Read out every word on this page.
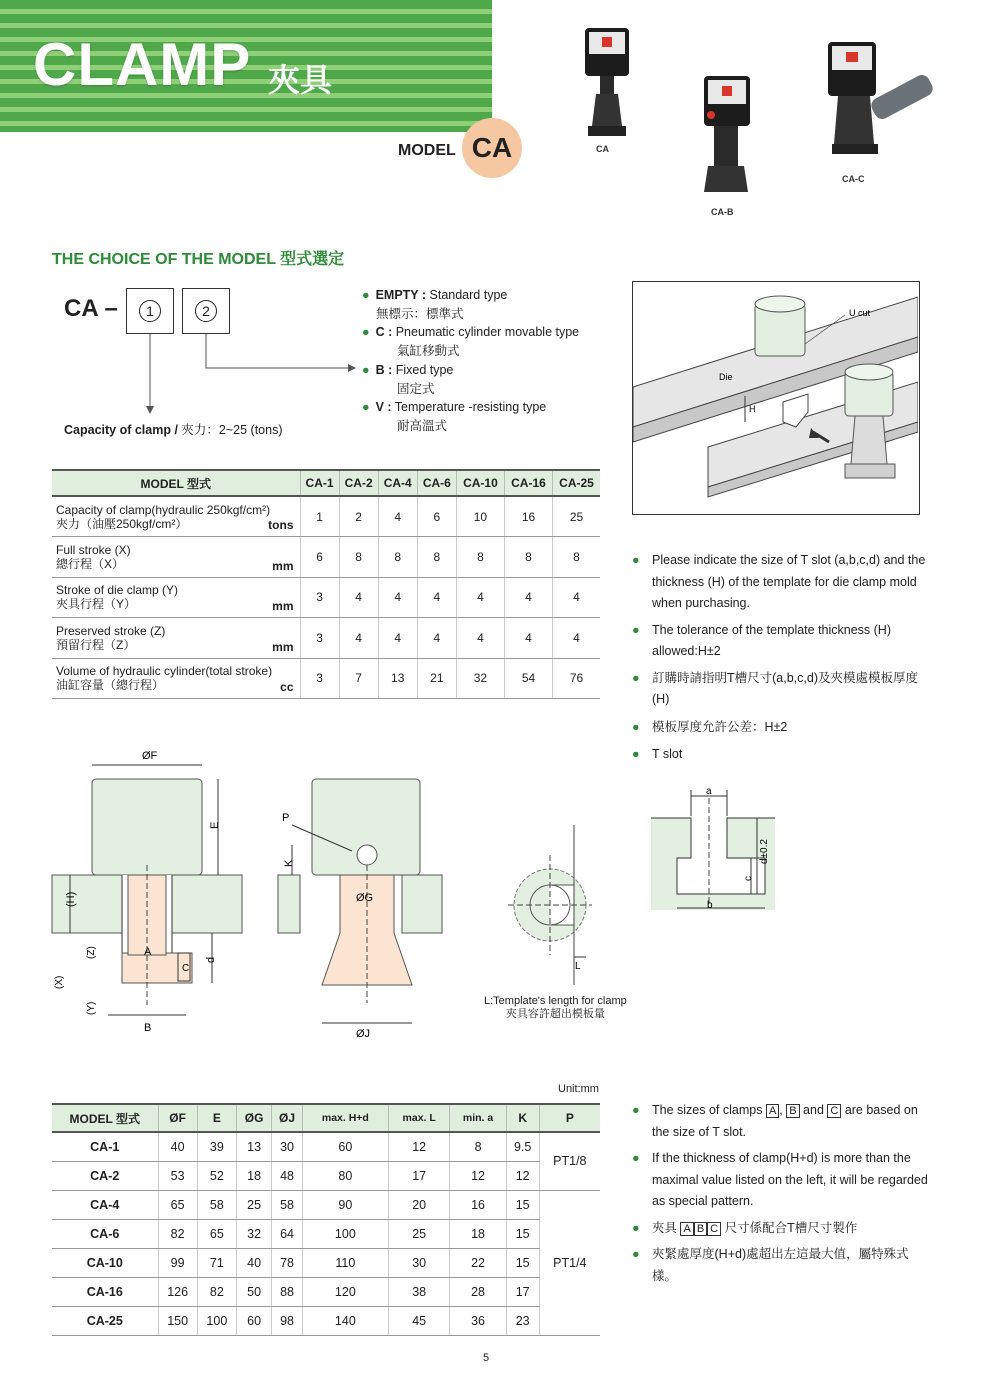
CLAMP 夾具
MODEL CA	CA
CA-B
CA-C
THE CHOICE OF THE MODEL 型式選定
CA –	1	2
Capacity of clamp / 夾力：2~25 (tons)
● EMPTY : Standard type
無標示：標準式
● C : Pneumatic cylinder movable type
氣缸移動式
● B : Fixed type
固定式
● V : Temperature -resisting type
耐高溫式
U cut
Die
H
MODEL 型式	CA-1	CA-2	CA-4	CA-6	CA-10	CA-16	CA-25

Capacity of clamp(hydraulic 250kgf/cm²)
夾力（油壓250kgf/cm²） tons	1	2	4	6	10	16	25

Full stroke (X)
總行程（X） mm	6	8	8	8	8	8	8

Stroke of die clamp (Y)
夾具行程（Y） mm	3	4	4	4	4	4	4

Preserved stroke (Z)
預留行程（Z） mm	3	4	4	4	4	4	4

Volume of hydraulic cylinder(total stroke)
油缸容量（總行程） cc	3	7	13	21	32	54	76
● Please indicate the size of T slot (a,b,c,d) and the thickness (H) of the template for die clamp mold when purchasing.
● The tolerance of the template thickness (H) allowed:H±2
● 訂購時請指明T槽尺寸(a,b,c,d)及夾模處模板厚度(H)
● 模板厚度允許公差：H±2
● T slot
a
b
c
d±0.2
ØF
E
(H)
(Z)
(X)
(Y)
A
B
d
C
P
K
ØG
ØJ
L
L:Template's length for clamp
夾具容許超出模板量
Unit:mm
MODEL 型式	ØF	E	ØG	ØJ	max. H+d	max. L	min. a	K	P
CA-1	40	39	13	30	60	12	8	9.5	PT1/8
CA-2	53	52	18	48	80	17	12	12	
CA-4	65	58	25	58	90	20	16	15	PT1/4
CA-6	82	65	32	64	100	25	18	15	
CA-10	99	71	40	78	110	30	22	15	
CA-16	126	82	50	88	120	38	28	17	
CA-25	150	100	60	98	140	45	36	23	
● The sizes of clamps A , B and C are based on the size of T slot.
● If the thickness of clamp(H+d) is more than the maximal value listed on the left, it will be regarded as special pattern.
● 夾具 A B C 尺寸係配合T槽尺寸製作
● 夾緊處厚度(H+d)處超出左這最大值，屬特殊式樣。
5
